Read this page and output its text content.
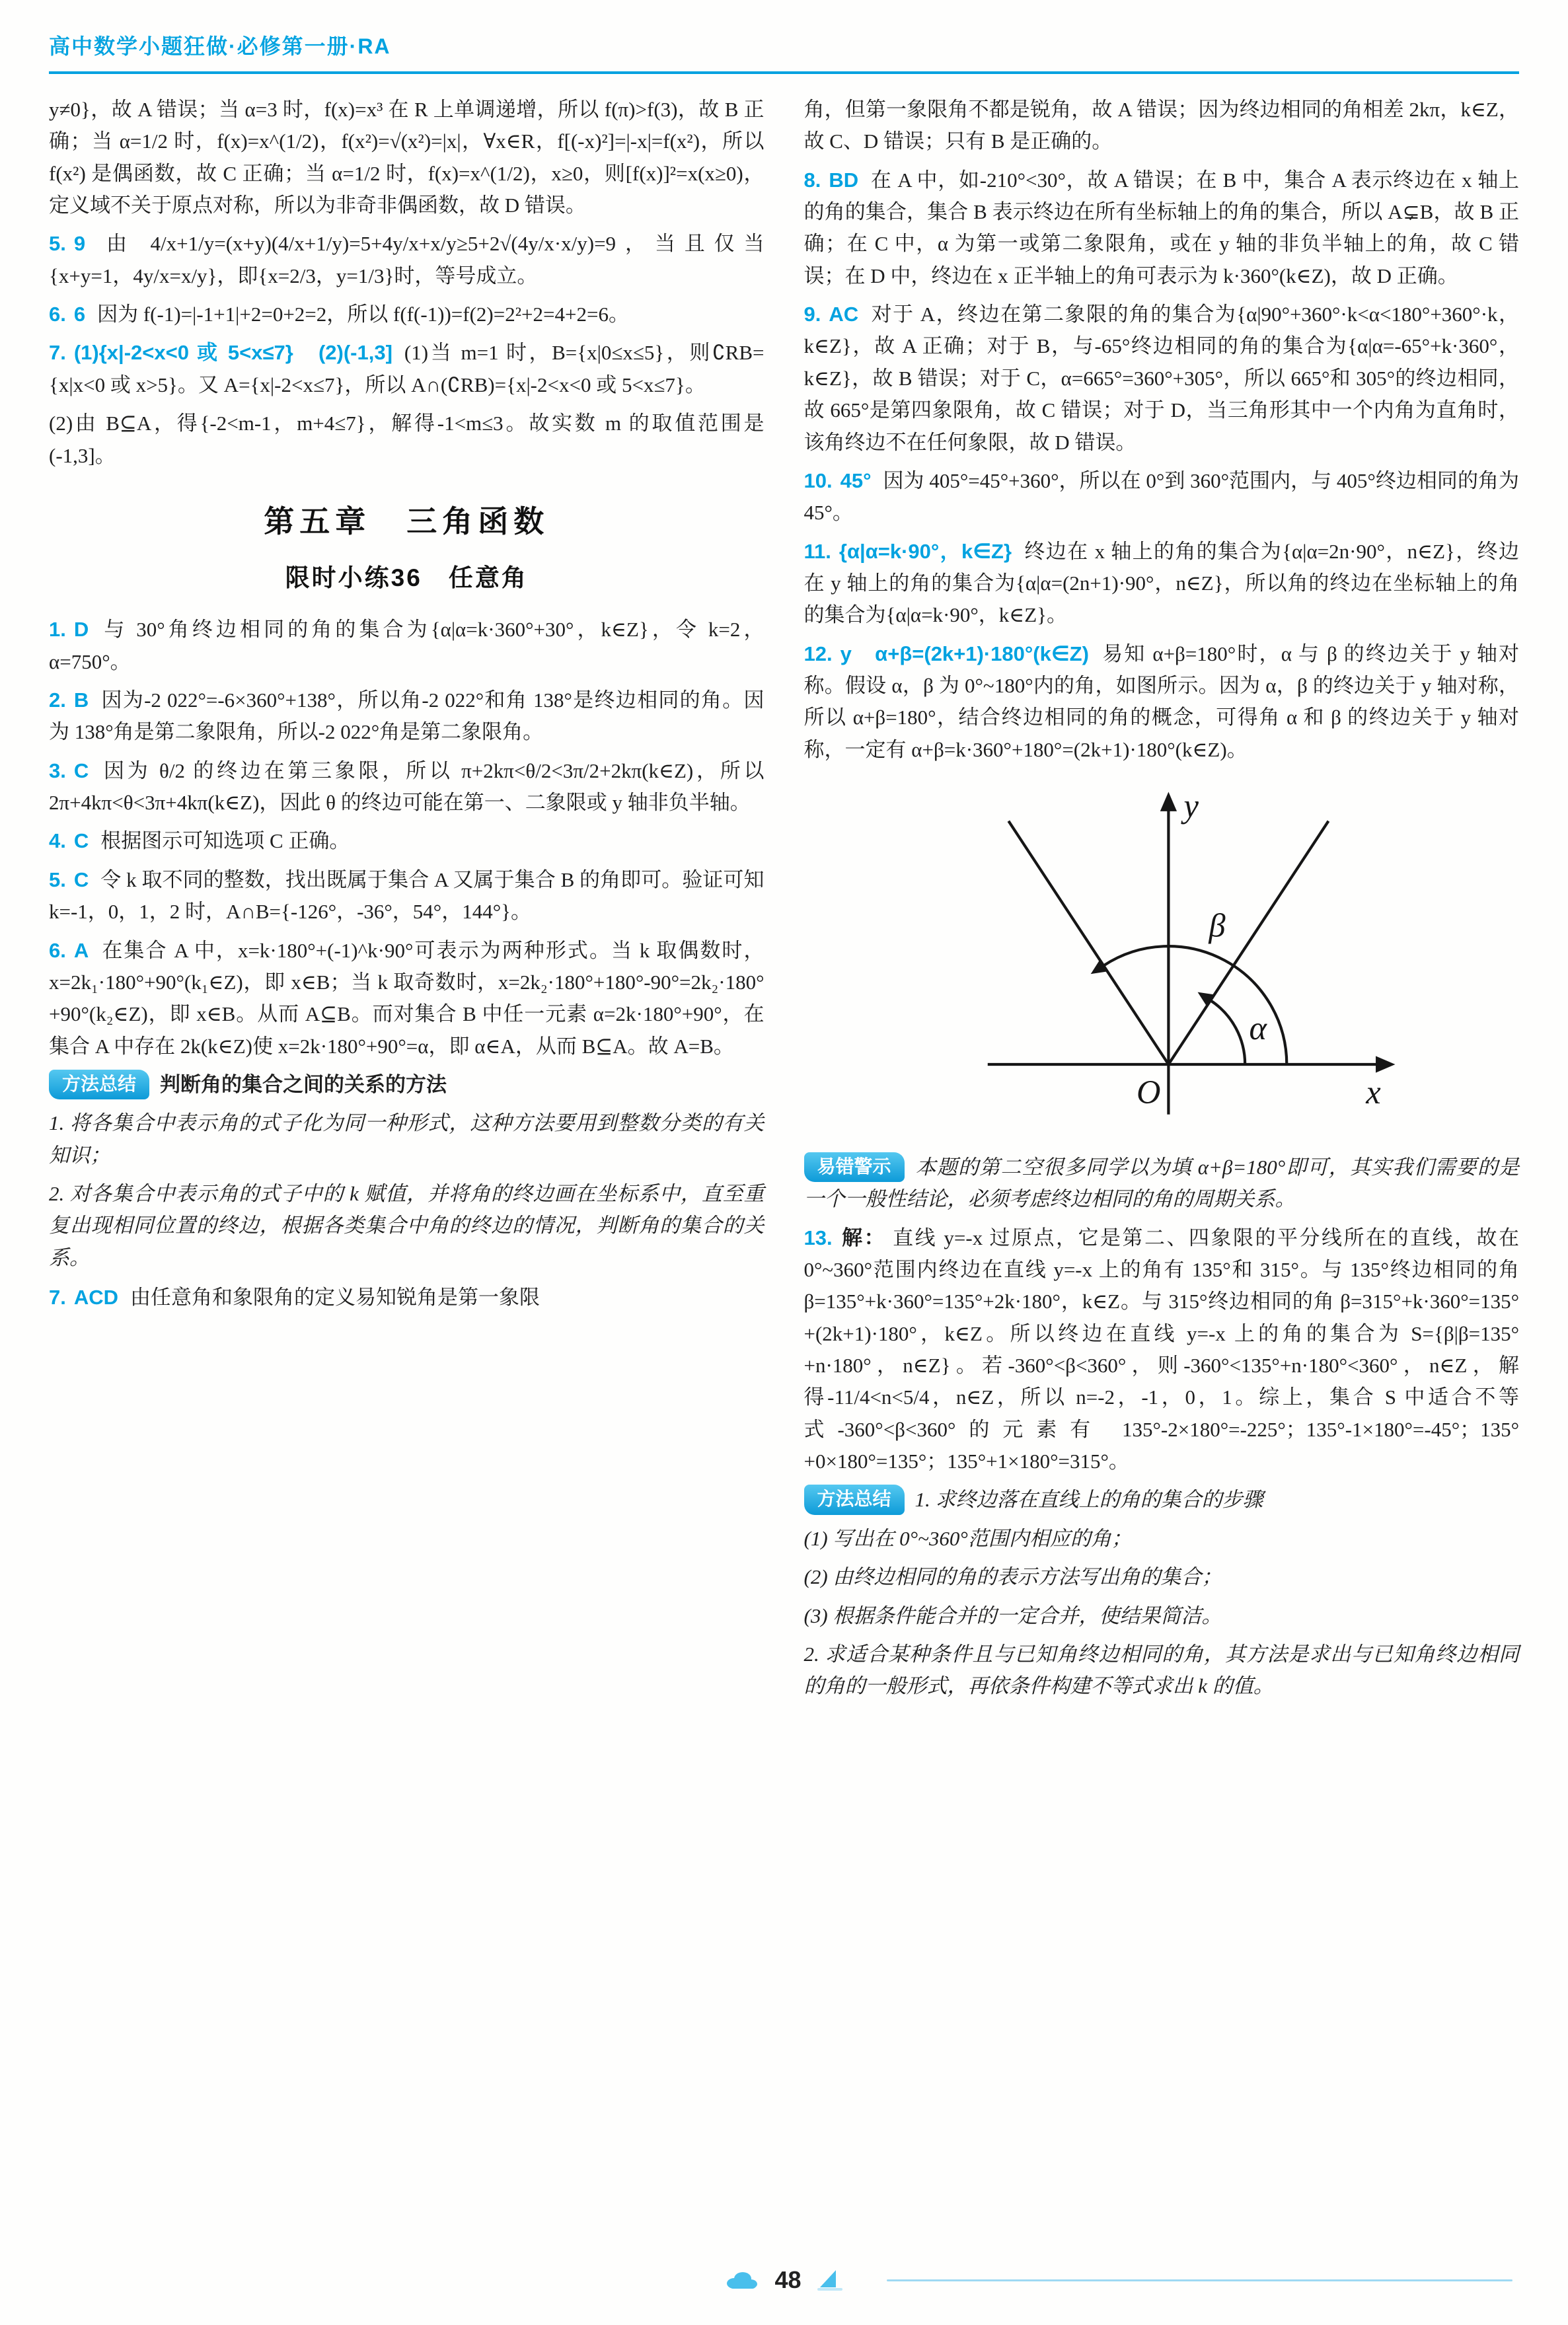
高中数学小题狂做·必修第一册·RA

y≠0}，故 A 错误；当 α=3 时，f(x)=x³ 在 R 上单调递增，所以 f(π)>f(3)，故 B 正确；当 α=1/2 时，f(x)=x^(1/2)，f(x²)=√(x²)=|x|，∀x∈R，f[(-x)²]=|-x|=f(x²)，所以 f(x²) 是偶函数，故 C 正确；当 α=1/2 时，f(x)=x^(1/2)，x≥0，则[f(x)]²=x(x≥0)，定义域不关于原点对称，所以为非奇非偶函数，故 D 错误。

5. 9 由 4/x+1/y=(x+y)(4/x+1/y)=5+4y/x+x/y≥5+2√(4y/x·x/y)=9，当且仅当{x+y=1，4y/x=x/y}，即{x=2/3，y=1/3}时，等号成立。

6. 6 因为 f(-1)=|-1+1|+2=0+2=2，所以 f(f(-1))=f(2)=2²+2=4+2=6。

7. (1){x|-2<x<0 或 5<x≤7}　(2)(-1,3] (1)当 m=1 时，B={x|0≤x≤5}，则∁RB={x|x<0 或 x>5}。又 A={x|-2<x≤7}，所以 A∩(∁RB)={x|-2<x<0 或 5<x≤7}。

(2)由 B⊆A，得{-2<m-1，m+4≤7}，解得-1<m≤3。故实数 m 的取值范围是(-1,3]。

第五章　三角函数
限时小练36　任意角

1. D 与 30°角终边相同的角的集合为{α|α=k·360°+30°，k∈Z}，令 k=2，α=750°。

2. B 因为-2 022°=-6×360°+138°，所以角-2 022°和角 138°是终边相同的角。因为 138°角是第二象限角，所以-2 022°角是第二象限角。

3. C 因为 θ/2 的终边在第三象限，所以 π+2kπ<θ/2<3π/2+2kπ(k∈Z)，所以 2π+4kπ<θ<3π+4kπ(k∈Z)，因此 θ 的终边可能在第一、二象限或 y 轴非负半轴。

4. C 根据图示可知选项 C 正确。

5. C 令 k 取不同的整数，找出既属于集合 A 又属于集合 B 的角即可。验证可知 k=-1，0，1，2 时，A∩B={-126°，-36°，54°，144°}。

6. A 在集合 A 中，x=k·180°+(-1)^k·90°可表示为两种形式。当 k 取偶数时，x=2k₁·180°+90°(k₁∈Z)，即 x∈B；当 k 取奇数时，x=2k₂·180°+180°-90°=2k₂·180°+90°(k₂∈Z)，即 x∈B。从而 A⊆B。而对集合 B 中任一元素 α=2k·180°+90°，在集合 A 中存在 2k(k∈Z)使 x=2k·180°+90°=α，即 α∈A，从而 B⊆A。故 A=B。

方法总结 判断角的集合之间的关系的方法

1. 将各集合中表示角的式子化为同一种形式，这种方法要用到整数分类的有关知识；

2. 对各集合中表示角的式子中的 k 赋值，并将角的终边画在坐标系中，直至重复出现相同位置的终边，根据各类集合中角的终边的情况，判断角的集合的关系。

7. ACD 由任意角和象限角的定义易知锐角是第一象限

角，但第一象限角不都是锐角，故 A 错误；因为终边相同的角相差 2kπ，k∈Z，故 C、D 错误；只有 B 是正确的。

8. BD 在 A 中，如-210°<30°，故 A 错误；在 B 中，集合 A 表示终边在 x 轴上的角的集合，集合 B 表示终边在所有坐标轴上的角的集合，所以 A⊊B，故 B 正确；在 C 中，α 为第一或第二象限角，或在 y 轴的非负半轴上的角，故 C 错误；在 D 中，终边在 x 正半轴上的角可表示为 k·360°(k∈Z)，故 D 正确。

9. AC 对于 A，终边在第二象限的角的集合为{α|90°+360°·k<α<180°+360°·k，k∈Z}，故 A 正确；对于 B，与-65°终边相同的角的集合为{α|α=-65°+k·360°，k∈Z}，故 B 错误；对于 C，α=665°=360°+305°，所以 665°和 305°的终边相同，故 665°是第四象限角，故 C 错误；对于 D，当三角形其中一个内角为直角时，该角终边不在任何象限，故 D 错误。

10. 45° 因为 405°=45°+360°，所以在 0°到 360°范围内，与 405°终边相同的角为 45°。

11. {α|α=k·90°，k∈Z} 终边在 x 轴上的角的集合为{α|α=2n·90°，n∈Z}，终边在 y 轴上的角的集合为{α|α=(2n+1)·90°，n∈Z}，所以角的终边在坐标轴上的角的集合为{α|α=k·90°，k∈Z}。

12. y　α+β=(2k+1)·180°(k∈Z) 易知 α+β=180°时，α 与 β 的终边关于 y 轴对称。假设 α，β 为 0°~180°内的角，如图所示。因为 α，β 的终边关于 y 轴对称，所以 α+β=180°，结合终边相同的角的概念，可得角 α 和 β 的终边关于 y 轴对称，一定有 α+β=k·360°+180°=(2k+1)·180°(k∈Z)。

y
x
O
β
α

易错警示 本题的第二空很多同学以为填 α+β=180°即可，其实我们需要的是一个一般性结论，必须考虑终边相同的角的周期关系。

13. 解： 直线 y=-x 过原点，它是第二、四象限的平分线所在的直线，故在 0°~360°范围内终边在直线 y=-x 上的角有 135°和 315°。与 135°终边相同的角 β=135°+k·360°=135°+2k·180°，k∈Z。与 315°终边相同的角 β=315°+k·360°=135°+(2k+1)·180°，k∈Z。所以终边在直线 y=-x 上的角的集合为 S={β|β=135°+n·180°，n∈Z}。若-360°<β<360°，则-360°<135°+n·180°<360°，n∈Z，解得-11/4<n<5/4，n∈Z，所以 n=-2，-1，0，1。综上，集合 S 中适合不等式-360°<β<360°的元素有 135°-2×180°=-225°；135°-1×180°=-45°；135°+0×180°=135°；135°+1×180°=315°。

方法总结 1. 求终边落在直线上的角的集合的步骤

(1) 写出在 0°~360°范围内相应的角；

(2) 由终边相同的角的表示方法写出角的集合；

(3) 根据条件能合并的一定合并，使结果简洁。

2. 求适合某种条件且与已知角终边相同的角，其方法是求出与已知角终边相同的角的一般形式，再依条件构建不等式求出 k 的值。

48
